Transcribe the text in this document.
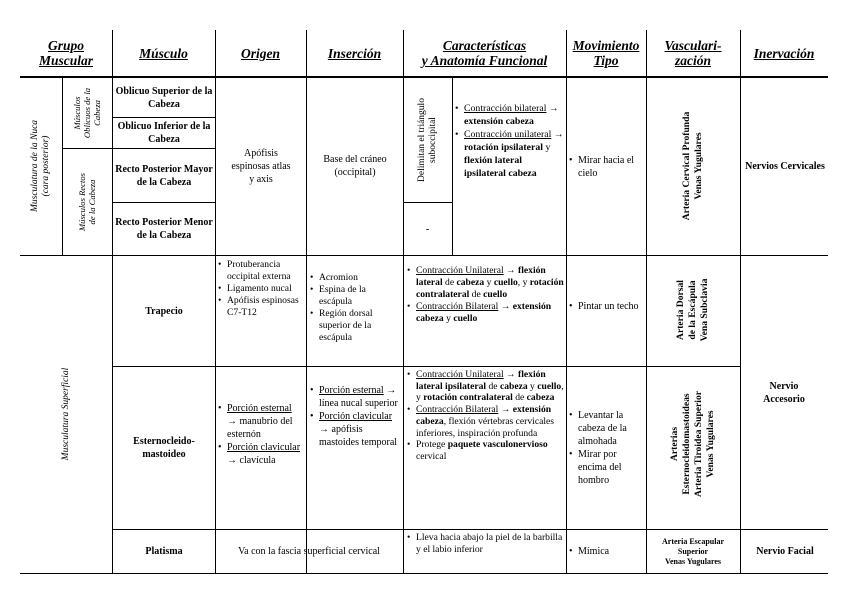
Grupo
Muscular	Músculo	Origen	Inserción	Características
y Anatomía Funcional
Movimiento
Tipo
Vasculari-
zación	Inervación
Musculatura de la Nuca (cara posterior)
Músculos Oblicuos de la Cabeza
Músculos Rectos de la Cabeza
Oblicuo Superior de la Cabeza
Oblicuo Inferior de la Cabeza
Recto Posterior Mayor de la Cabeza
Recto Posterior Menor de la Cabeza
Apófisis espinosas atlas y axis
Base del cráneo (occipital)	Delimitan el triángulo suboccipital
-
• Contracción bilateral → extensión cabeza
• Contracción unilateral → rotación ipsilateral y flexión lateral ipsilateral cabeza
• Mirar hacia el cielo	Arteria Cervical Profunda Venas Yugulares	Nervios Cervicales
Musculatura Superficial
Trapecio
• Protuberancia occipital externa
• Ligamento nucal
• Apófisis espinosas C7-T12
• Acromion
• Espina de la escápula
• Región dorsal superior de la escápula
• Contracción Unilateral → flexión lateral de cabeza y cuello, y rotación contralateral de cuello
• Contracción Bilateral → extensión cabeza y cuello
• Pintar un techo	Arteria Dorsal de la Escápula Vena Subclavia
Esternocleido-mastoideo
• Porción esternal → manubrio del esternón
• Porción clavicular → clavícula
• Porción esternal → línea nucal superior
• Porción clavicular → apófisis mastoides temporal
• Contracción Unilateral → flexión lateral ipsilateral de cabeza y cuello, y rotación contralateral de cabeza
• Contracción Bilateral → extensión cabeza, flexión vértebras cervicales inferiores, inspiración profunda
• Protege paquete vasculonervioso cervical
• Levantar la cabeza de la almohada
• Mirar por encima del hombro
Arterias Esternocleidomastoideas Arteria Tiroidea Superior Venas Yugulares
Nervio Accesorio
Platisma	Va con la fascia superficial cervical
• Lleva hacia abajo la piel de la barbilla y el labio inferior
•	Mímica
Arteria Escapular
Superior
Venas Yugulares
Nervio Facial
